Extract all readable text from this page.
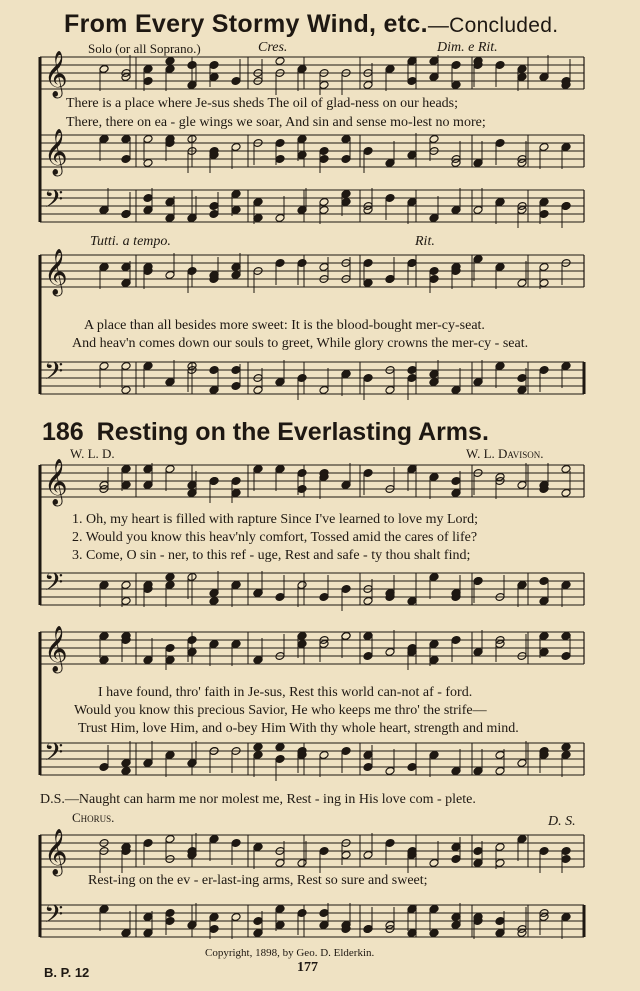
𝄞
𝄞
𝄢
𝄞
𝄢
𝄞
𝄢
𝄞
𝄢
𝄞
𝄢
From Every Stormy Wind, etc.—Concluded.
Solo (or all Soprano.)	Cres.	Dim. e Rit.
There is a place where Je-sus sheds The oil of glad-ness on our heads;
There, there on ea - gle wings we soar, And sin and sense mo-lest no more;
Tutti. a tempo.	Rit.
A place than all besides more sweet: It is the blood-bought mer-cy-seat.
And heav'n comes down our souls to greet, While glory crowns the mer-cy - seat.
186 Resting on the Everlasting Arms.
W. L. D.	W. L. Davison.
1. Oh, my heart is filled with rapture Since I've learned to love my Lord;
2. Would you know this heav'nly comfort, Tossed amid the cares of life?
3. Come, O sin - ner, to this ref - uge, Rest and safe - ty thou shalt find;
I have found, thro' faith in Je-sus, Rest this world can-not af - ford.
Would you know this precious Savior, He who keeps me thro' the strife—
Trust Him, love Him, and o-bey Him With thy whole heart, strength and mind.
D.S.—Naught can harm me nor molest me, Rest - ing in His love com - plete.
Chorus.	D. S.
Rest-ing on the ev - er-last-ing arms, Rest so sure and sweet;
Copyright, 1898, by Geo. D. Elderkin.
177
B. P. 12
